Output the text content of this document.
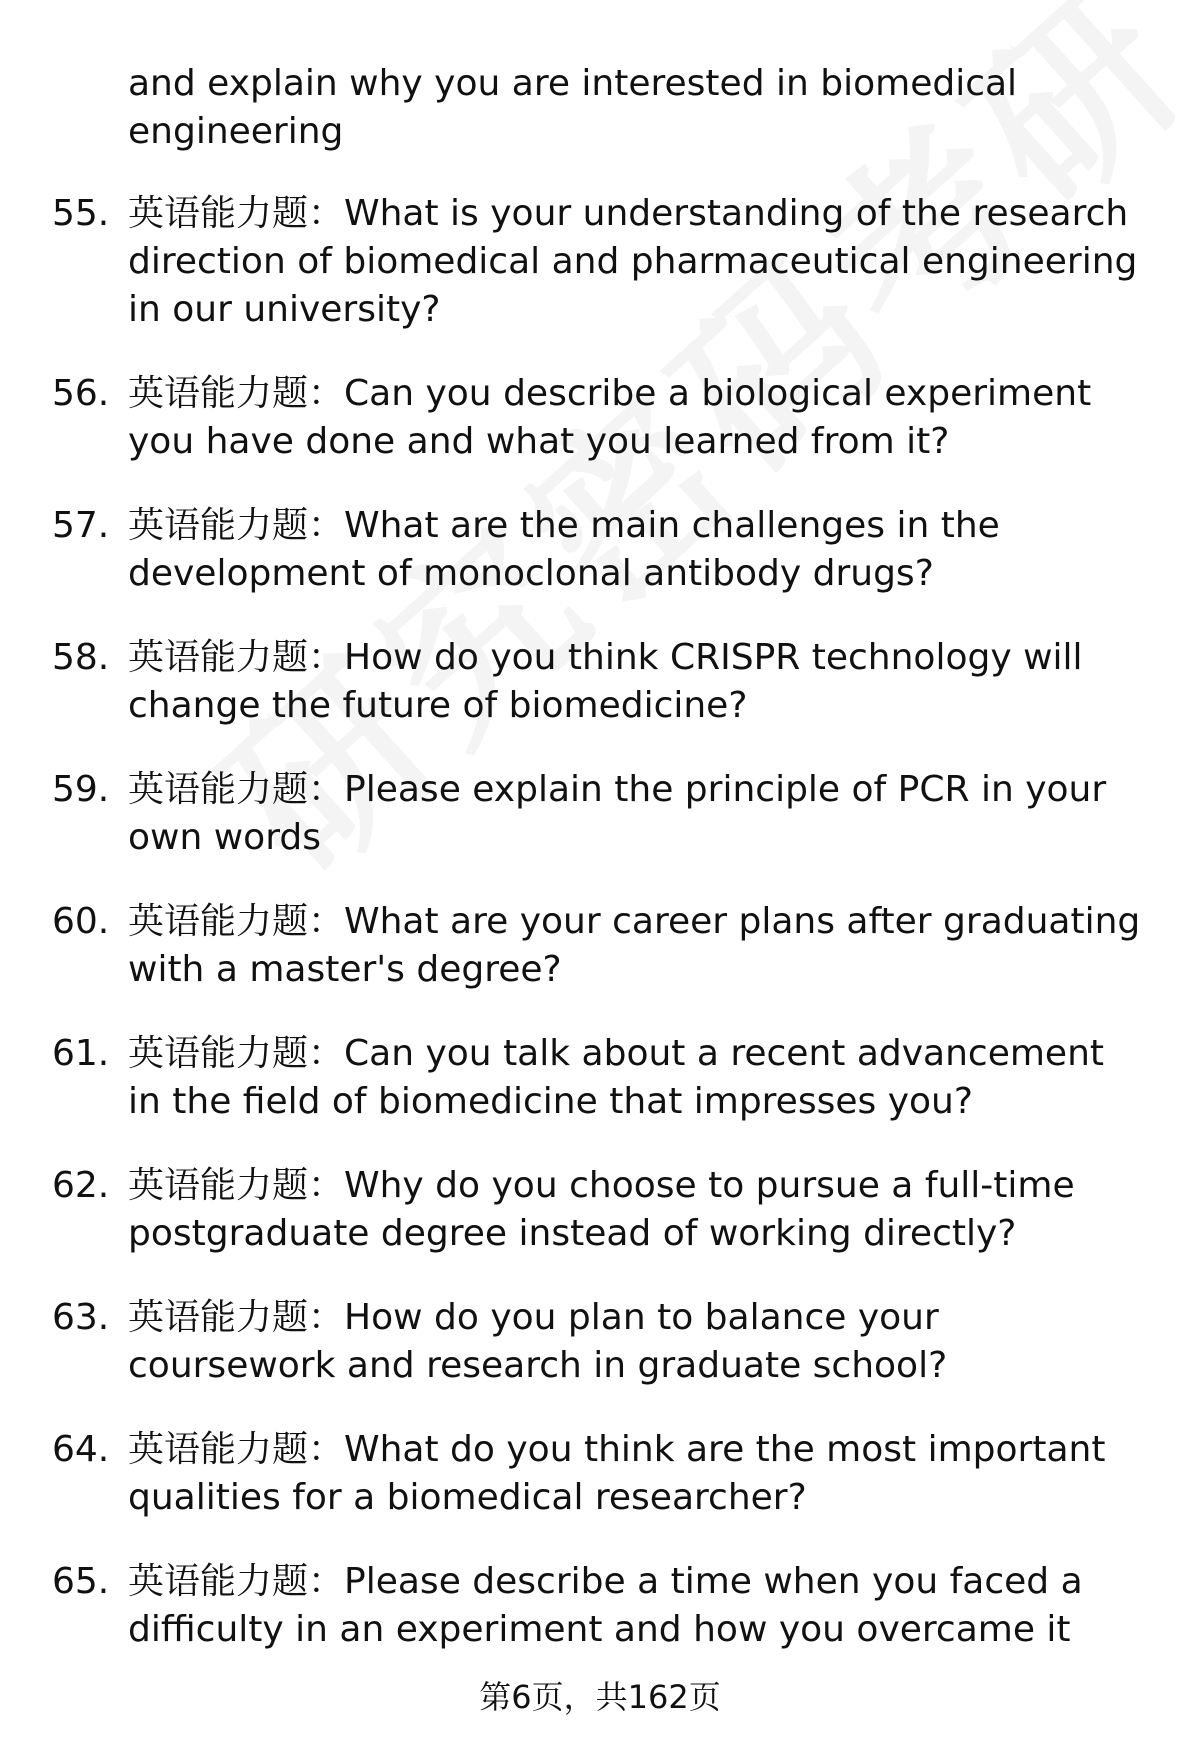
and explain why you are interested in biomedical engineering
55. 英语能力题：What is your understanding of the research direction of biomedical and pharmaceutical engineering in our university?
56. 英语能力题：Can you describe a biological experiment you have done and what you learned from it?
57. 英语能力题：What are the main challenges in the development of monoclonal antibody drugs?
58. 英语能力题：How do you think CRISPR technology will change the future of biomedicine?
59. 英语能力题：Please explain the principle of PCR in your own words
60. 英语能力题：What are your career plans after graduating with a master's degree?
61. 英语能力题：Can you talk about a recent advancement in the field of biomedicine that impresses you?
62. 英语能力题：Why do you choose to pursue a full-time postgraduate degree instead of working directly?
63. 英语能力题：How do you plan to balance your coursework and research in graduate school?
64. 英语能力题：What do you think are the most important qualities for a biomedical researcher?
65. 英语能力题：Please describe a time when you faced a difficulty in an experiment and how you overcame it
第6页，共162页
